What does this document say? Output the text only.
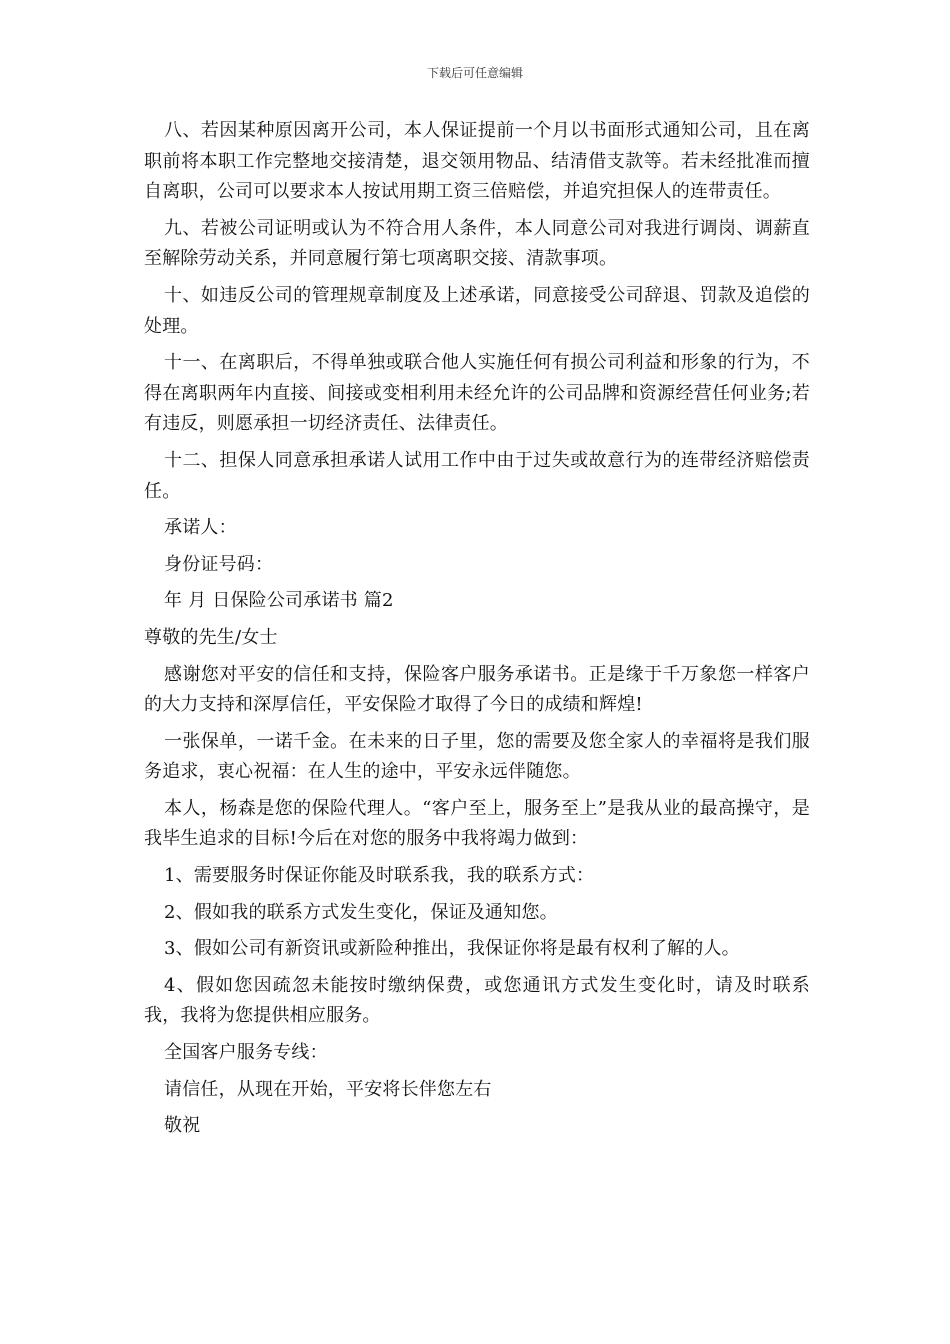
下载后可任意编辑

八、若因某种原因离开公司，本人保证提前一个月以书面形式通知公司，且在离职前将本职工作完整地交接清楚，退交领用物品、结清借支款等。若未经批准而擅自离职，公司可以要求本人按试用期工资三倍赔偿，并追究担保人的连带责任。

九、若被公司证明或认为不符合用人条件，本人同意公司对我进行调岗、调薪直至解除劳动关系，并同意履行第七项离职交接、清款事项。

十、如违反公司的管理规章制度及上述承诺，同意接受公司辞退、罚款及追偿的处理。

十一、在离职后，不得单独或联合他人实施任何有损公司利益和形象的行为，不得在离职两年内直接、间接或变相利用未经允许的公司品牌和资源经营任何业务;若有违反，则愿承担一切经济责任、法律责任。

十二、担保人同意承担承诺人试用工作中由于过失或故意行为的连带经济赔偿责任。

承诺人：

身份证号码：

年 月 日保险公司承诺书 篇2

尊敬的先生/女士

感谢您对平安的信任和支持，保险客户服务承诺书。正是缘于千万象您一样客户的大力支持和深厚信任，平安保险才取得了今日的成绩和辉煌!

一张保单，一诺千金。在未来的日子里，您的需要及您全家人的幸福将是我们服务追求，衷心祝福：在人生的途中，平安永远伴随您。

本人，杨森是您的保险代理人。“客户至上，服务至上”是我从业的最高操守，是我毕生追求的目标!今后在对您的服务中我将竭力做到：

1、需要服务时保证你能及时联系我，我的联系方式：

2、假如我的联系方式发生变化，保证及通知您。

3、假如公司有新资讯或新险种推出，我保证你将是最有权利了解的人。

4、假如您因疏忽未能按时缴纳保费，或您通讯方式发生变化时，请及时联系我，我将为您提供相应服务。

全国客户服务专线：

请信任，从现在开始，平安将长伴您左右

敬祝
